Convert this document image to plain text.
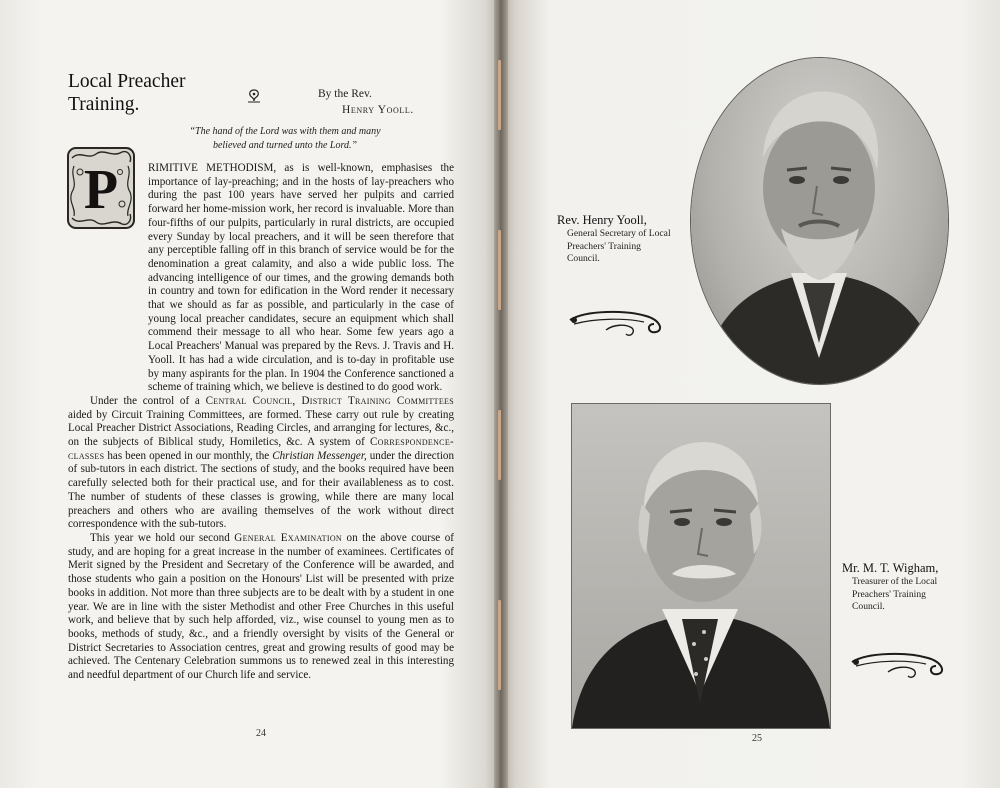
Local Preacher
Training.	By the Rev.
Henry Yooll.
“The hand of the Lord was with them and many
believed and turned unto the Lord.”
P	RIMITIVE METHODISM, as is well-known, emphasises the importance of lay-preaching; and in the hosts of lay-preachers who during the past 100 years have served her pulpits and carried forward her home-mission work, her record is invaluable. More than four-fifths of our pulpits, particularly in rural districts, are occupied every Sunday by local preachers, and it will be seen therefore that any perceptible falling off in this branch of service would be for the denomination a great calamity, and also a wide public loss. The advancing intelligence of our times, and the growing demands both in country and town for edification in the Word render it necessary that we should as far as possible, and particularly in the case of young local preacher candidates, secure an equipment which shall commend their message to all who hear. Some few years ago a Local Preachers' Manual was prepared by the Revs. J. Travis and H. Yooll. It has had a wide circulation, and is to-day in profitable use by many aspirants for the plan. In 1904 the Conference sanctioned a scheme of training which, we believe is destined to do good work.

Under the control of a Central Council, District Training Committees aided by Circuit Training Committees, are formed. These carry out rule by creating Local Preacher District Associations, Reading Circles, and arranging for lectures, &c., on the subjects of Biblical study, Homiletics, &c. A system of Correspondence-classes has been opened in our monthly, the Christian Messenger, under the direction of sub-tutors in each district. The sections of study, and the books required have been carefully selected both for their practical use, and for their availableness as to cost. The number of students of these classes is growing, while there are many local preachers and others who are availing themselves of the work without direct correspondence with the sub-tutors.

This year we hold our second General Examination on the above course of study, and are hoping for a great increase in the number of examinees. Certificates of Merit signed by the President and Secretary of the Conference will be awarded, and those students who gain a position on the Honours' List will be presented with prize books in addition. Not more than three subjects are to be dealt with by a student in one year. We are in line with the sister Methodist and other Free Churches in this useful work, and believe that by such help afforded, viz., wise counsel to young men as to books, methods of study, &c., and a friendly oversight by visits of the General or District Secretaries to Association centres, great and growing results of good may be achieved. The Centenary Celebration summons us to renewed zeal in this interesting and needful department of our Church life and service.

24
Rev. Henry Yooll,
General Secretary of Local
Preachers' Training
Council.
Mr. M. T. Wigham,
Treasurer of the Local
Preachers' Training
Council.
25
